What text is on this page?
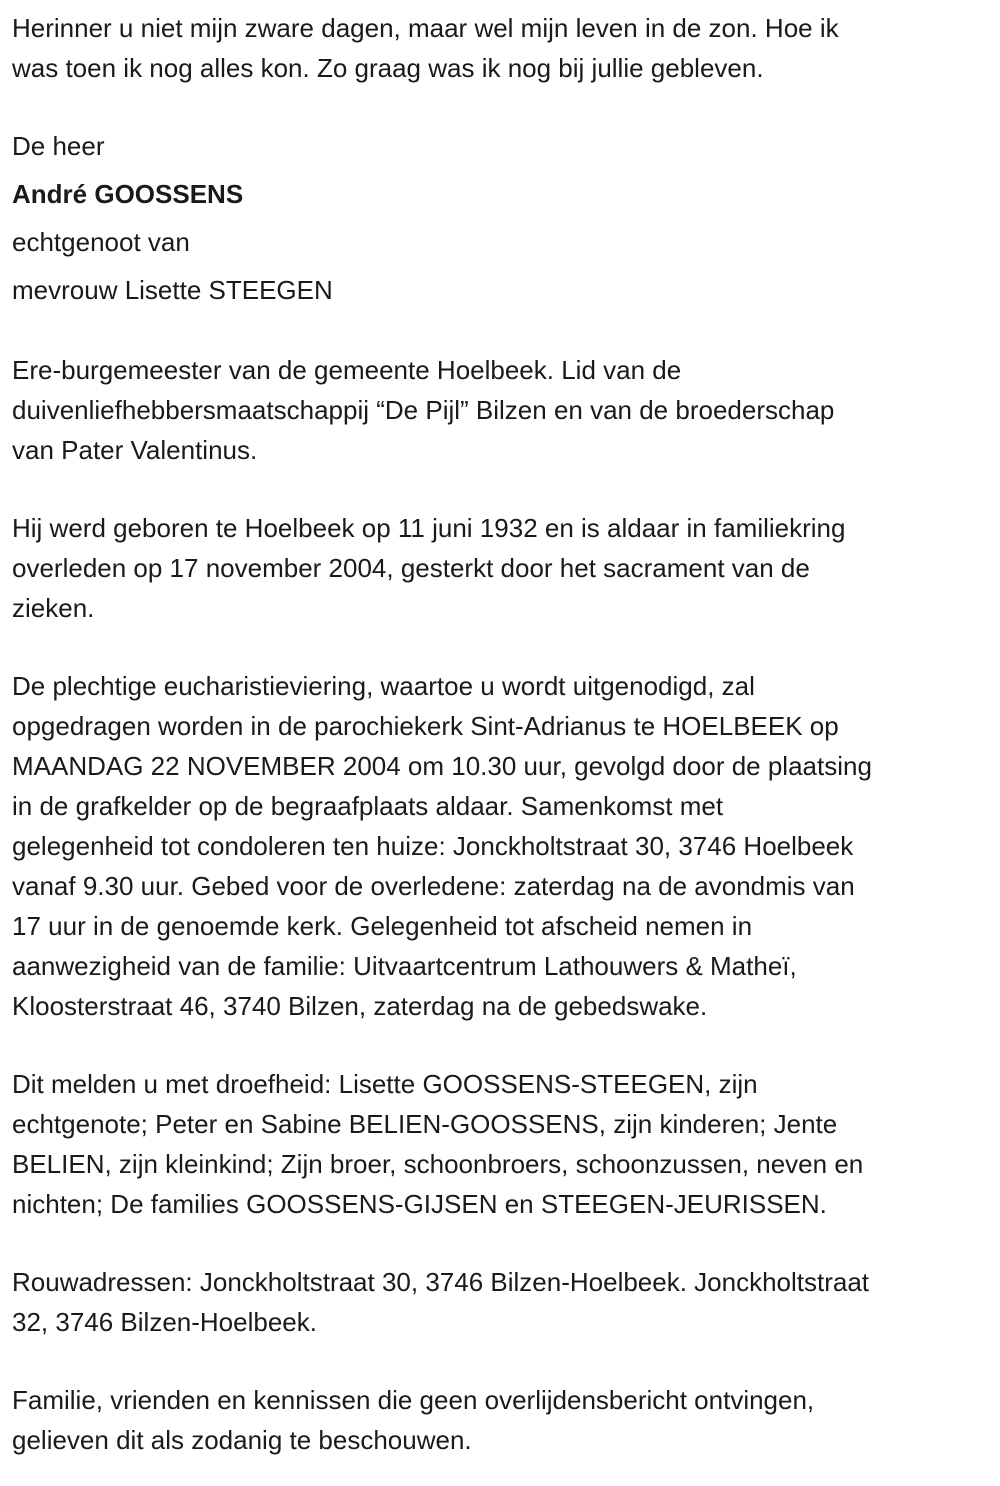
Herinner u niet mijn zware dagen, maar wel mijn leven in de zon. Hoe ik
was toen ik nog alles kon. Zo graag was ik nog bij jullie gebleven.
De heer
André GOOSSENS
echtgenoot van
mevrouw Lisette STEEGEN
Ere-burgemeester van de gemeente Hoelbeek. Lid van de
duivenliefhebbersmaatschappij “De Pijl” Bilzen en van de broederschap
van Pater Valentinus.
Hij werd geboren te Hoelbeek op 11 juni 1932 en is aldaar in familiekring
overleden op 17 november 2004, gesterkt door het sacrament van de
zieken.
De plechtige eucharistieviering, waartoe u wordt uitgenodigd, zal
opgedragen worden in de parochiekerk Sint-Adrianus te HOELBEEK op
MAANDAG 22 NOVEMBER 2004 om 10.30 uur, gevolgd door de plaatsing
in de grafkelder op de begraafplaats aldaar. Samenkomst met
gelegenheid tot condoleren ten huize: Jonckholtstraat 30, 3746 Hoelbeek
vanaf 9.30 uur. Gebed voor de overledene: zaterdag na de avondmis van
17 uur in de genoemde kerk. Gelegenheid tot afscheid nemen in
aanwezigheid van de familie: Uitvaartcentrum Lathouwers & Matheï,
Kloosterstraat 46, 3740 Bilzen, zaterdag na de gebedswake.
Dit melden u met droefheid: Lisette GOOSSENS-STEEGEN, zijn
echtgenote; Peter en Sabine BELIEN-GOOSSENS, zijn kinderen; Jente
BELIEN, zijn kleinkind; Zijn broer, schoonbroers, schoonzussen, neven en
nichten; De families GOOSSENS-GIJSEN en STEEGEN-JEURISSEN.
Rouwadressen: Jonckholtstraat 30, 3746 Bilzen-Hoelbeek. Jonckholtstraat
32, 3746 Bilzen-Hoelbeek.
Familie, vrienden en kennissen die geen overlijdensbericht ontvingen,
gelieven dit als zodanig te beschouwen.
